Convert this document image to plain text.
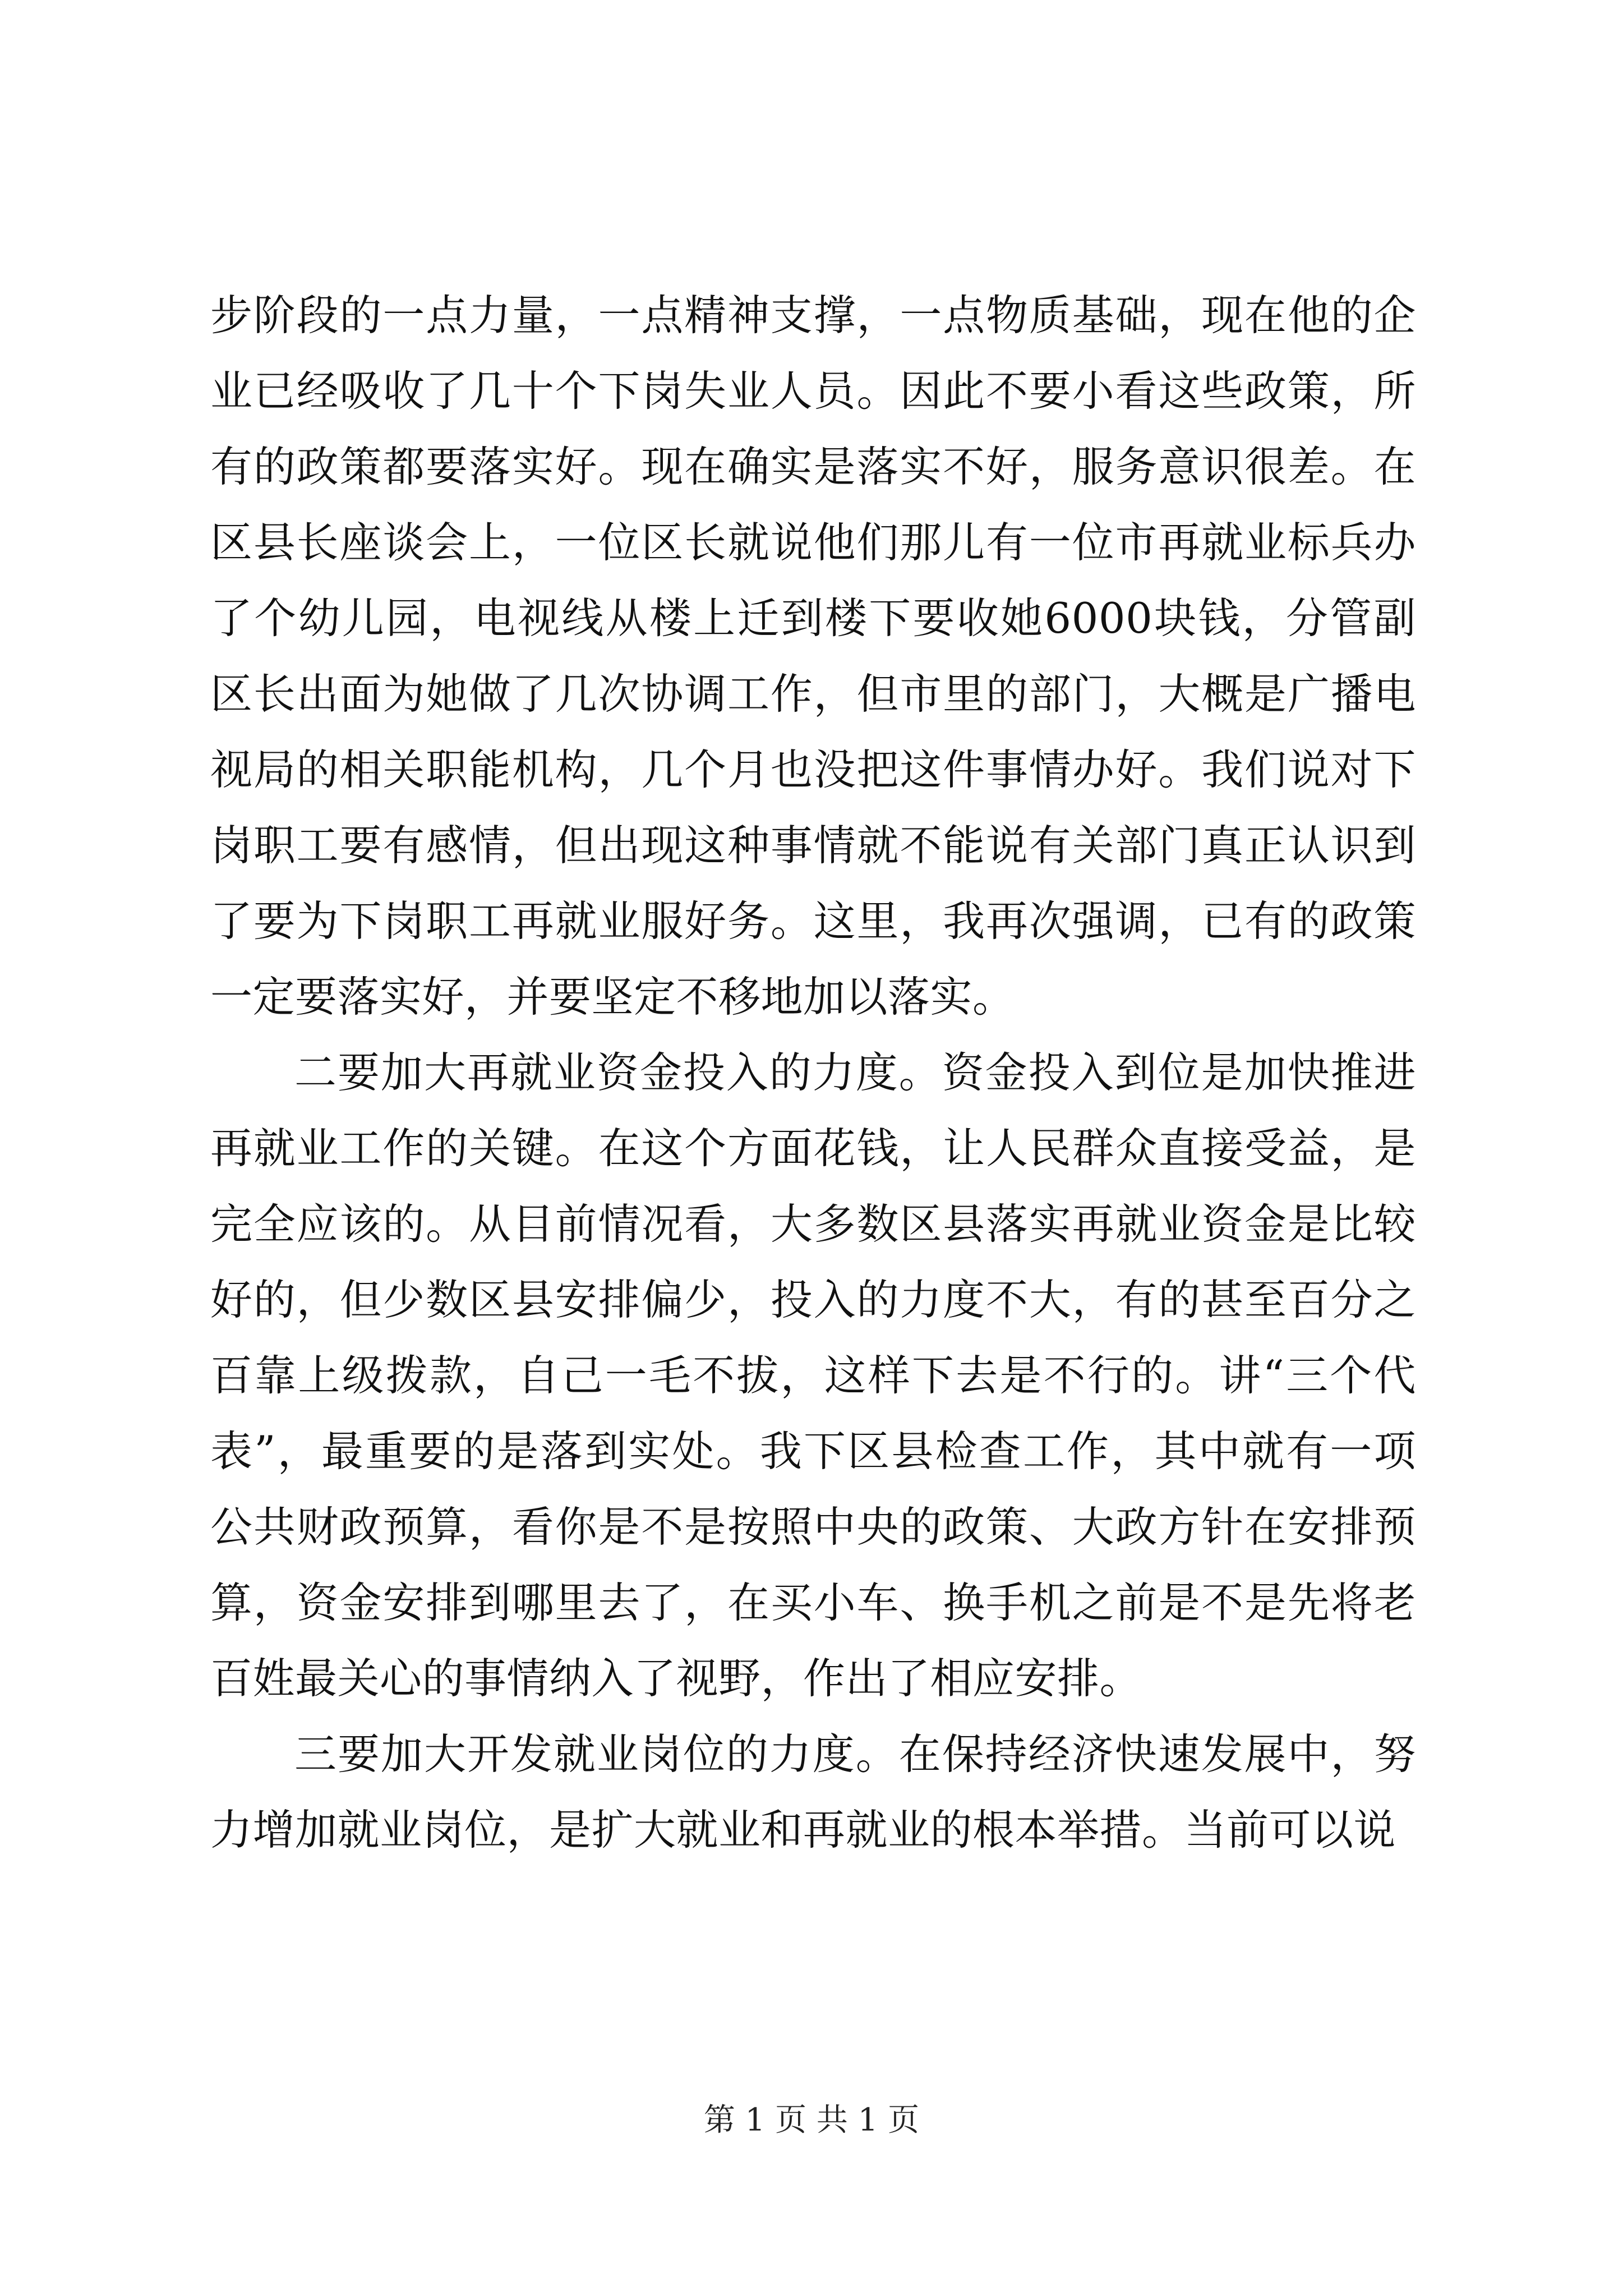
步阶段的一点力量，一点精神支撑，一点物质基础，现在他的企业已经吸收了几十个下岗失业人员。因此不要小看这些政策，所有的政策都要落实好。现在确实是落实不好，服务意识很差。在区县长座谈会上，一位区长就说他们那儿有一位市再就业标兵办了个幼儿园，电视线从楼上迁到楼下要收她6000块钱，分管副区长出面为她做了几次协调工作，但市里的部门，大概是广播电视局的相关职能机构，几个月也没把这件事情办好。我们说对下岗职工要有感情，但出现这种事情就不能说有关部门真正认识到了要为下岗职工再就业服好务。这里，我再次强调，已有的政策一定要落实好，并要坚定不移地加以落实。

二要加大再就业资金投入的力度。资金投入到位是加快推进再就业工作的关键。在这个方面花钱，让人民群众直接受益，是完全应该的。从目前情况看，大多数区县落实再就业资金是比较好的，但少数区县安排偏少，投入的力度不大，有的甚至百分之百靠上级拨款，自己一毛不拔，这样下去是不行的。讲“三个代表”，最重要的是落到实处。我下区县检查工作，其中就有一项公共财政预算，看你是不是按照中央的政策、大政方针在安排预算，资金安排到哪里去了，在买小车、换手机之前是不是先将老百姓最关心的事情纳入了视野，作出了相应安排。

三要加大开发就业岗位的力度。在保持经济快速发展中，努力增加就业岗位，是扩大就业和再就业的根本举措。当前可以说

第 1 页 共 1 页
